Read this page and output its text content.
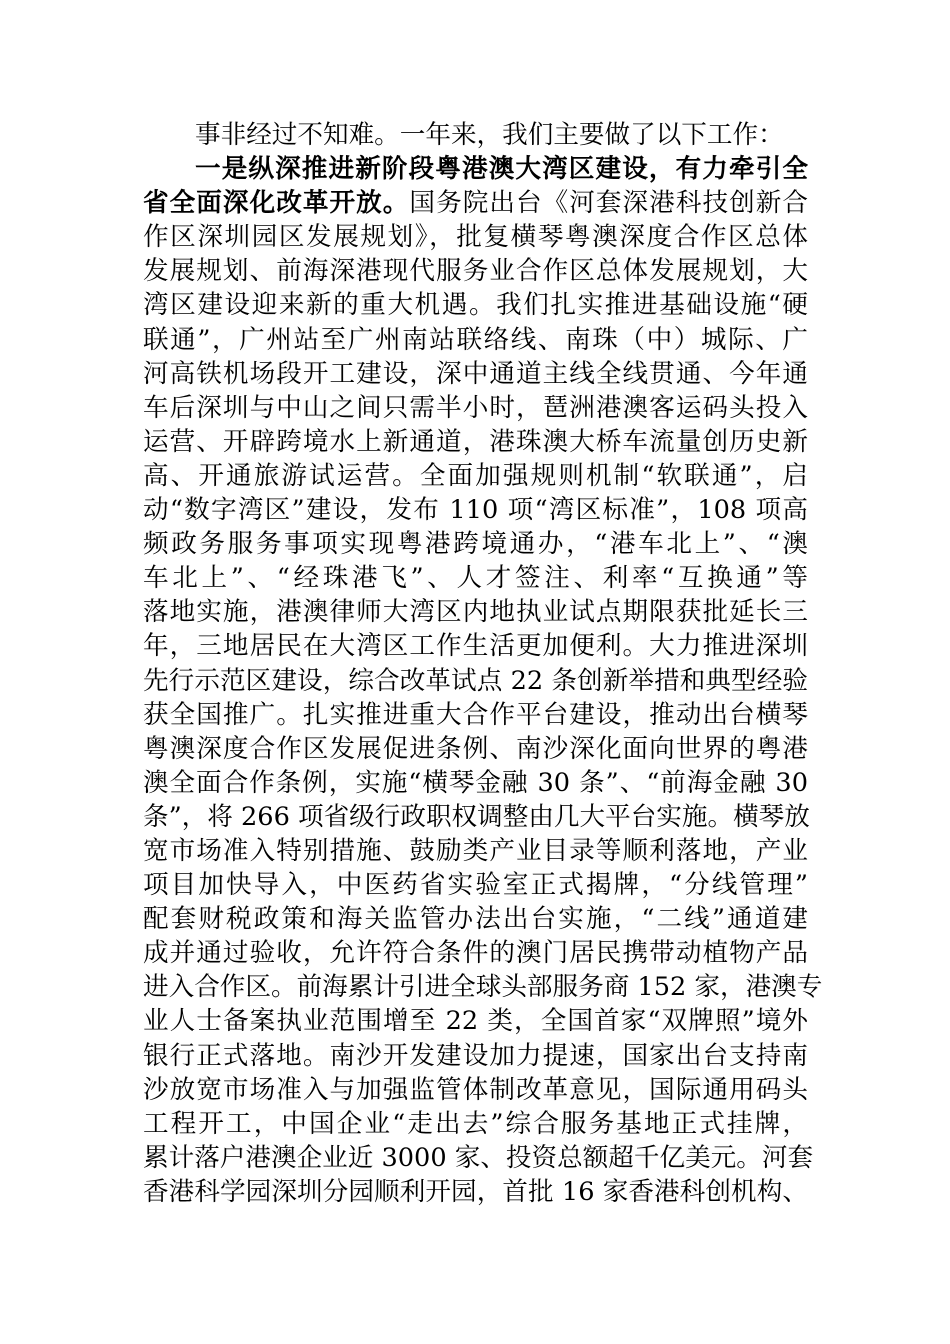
事非经过不知难。一年来，我们主要做了以下工作：
一是纵深推进新阶段粤港澳大湾区建设，有力牵引全
省全面深化改革开放。国务院出台《河套深港科技创新合
作区深圳园区发展规划》，批复横琴粤澳深度合作区总体
发展规划、前海深港现代服务业合作区总体发展规划，大
湾区建设迎来新的重大机遇。我们扎实推进基础设施“硬
联通”，广州站至广州南站联络线、南珠（中）城际、广
河高铁机场段开工建设，深中通道主线全线贯通、今年通
车后深圳与中山之间只需半小时，琶洲港澳客运码头投入
运营、开辟跨境水上新通道，港珠澳大桥车流量创历史新
高、开通旅游试运营。全面加强规则机制“软联通”，启
动“数字湾区”建设，发布 110 项“湾区标准”，108 项高
频政务服务事项实现粤港跨境通办，“港车北上”、“澳
车北上”、“经珠港飞”、人才签注、利率“互换通”等
落地实施，港澳律师大湾区内地执业试点期限获批延长三
年，三地居民在大湾区工作生活更加便利。大力推进深圳
先行示范区建设，综合改革试点 22 条创新举措和典型经验
获全国推广。扎实推进重大合作平台建设，推动出台横琴
粤澳深度合作区发展促进条例、南沙深化面向世界的粤港
澳全面合作条例，实施“横琴金融 30 条”、“前海金融 30
条”，将 266 项省级行政职权调整由几大平台实施。横琴放
宽市场准入特别措施、鼓励类产业目录等顺利落地，产业
项目加快导入，中医药省实验室正式揭牌，“分线管理”
配套财税政策和海关监管办法出台实施，“二线”通道建
成并通过验收，允许符合条件的澳门居民携带动植物产品
进入合作区。前海累计引进全球头部服务商 152 家，港澳专
业人士备案执业范围增至 22 类，全国首家“双牌照”境外
银行正式落地。南沙开发建设加力提速，国家出台支持南
沙放宽市场准入与加强监管体制改革意见，国际通用码头
工程开工，中国企业“走出去”综合服务基地正式挂牌，
累计落户港澳企业近 3000 家、投资总额超千亿美元。河套
香港科学园深圳分园顺利开园，首批 16 家香港科创机构、
